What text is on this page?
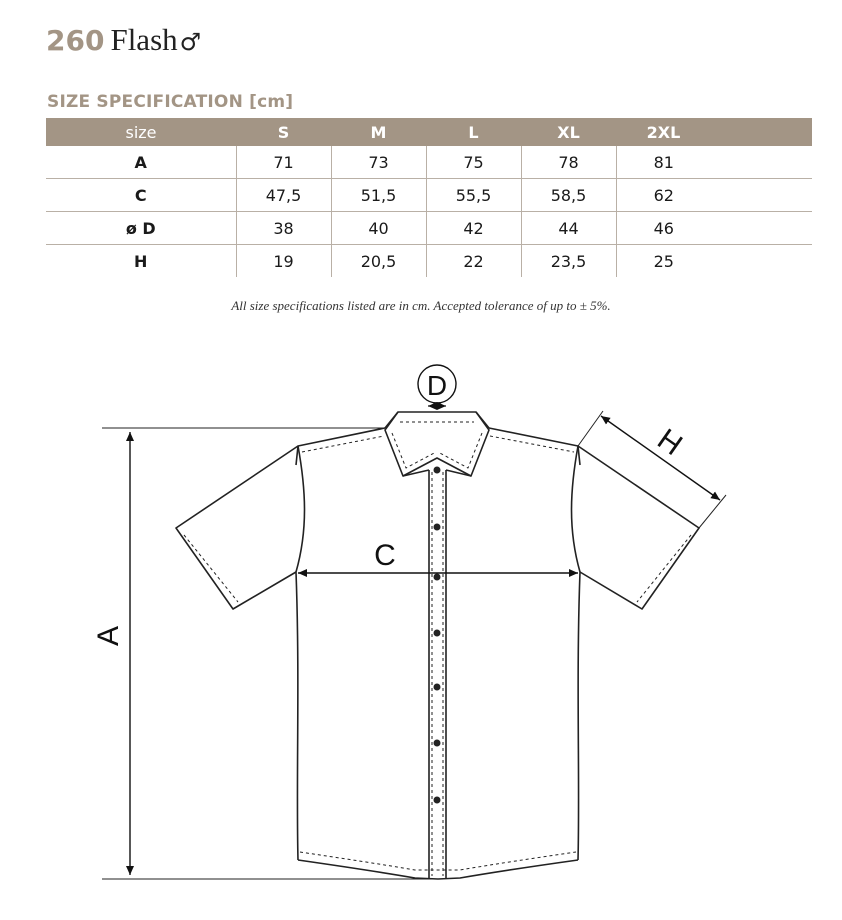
260 Flash♂
SIZE SPECIFICATION [cm]
size	S	M	L	XL	2XL	
A	71	73	75	78	81	
C	47,5	51,5	55,5	58,5	62	
ø D	38	40	42	44	46	
H	19	20,5	22	23,5	25	
All size specifications listed are in cm. Accepted tolerance of up to ± 5%.
A
C
D
H
